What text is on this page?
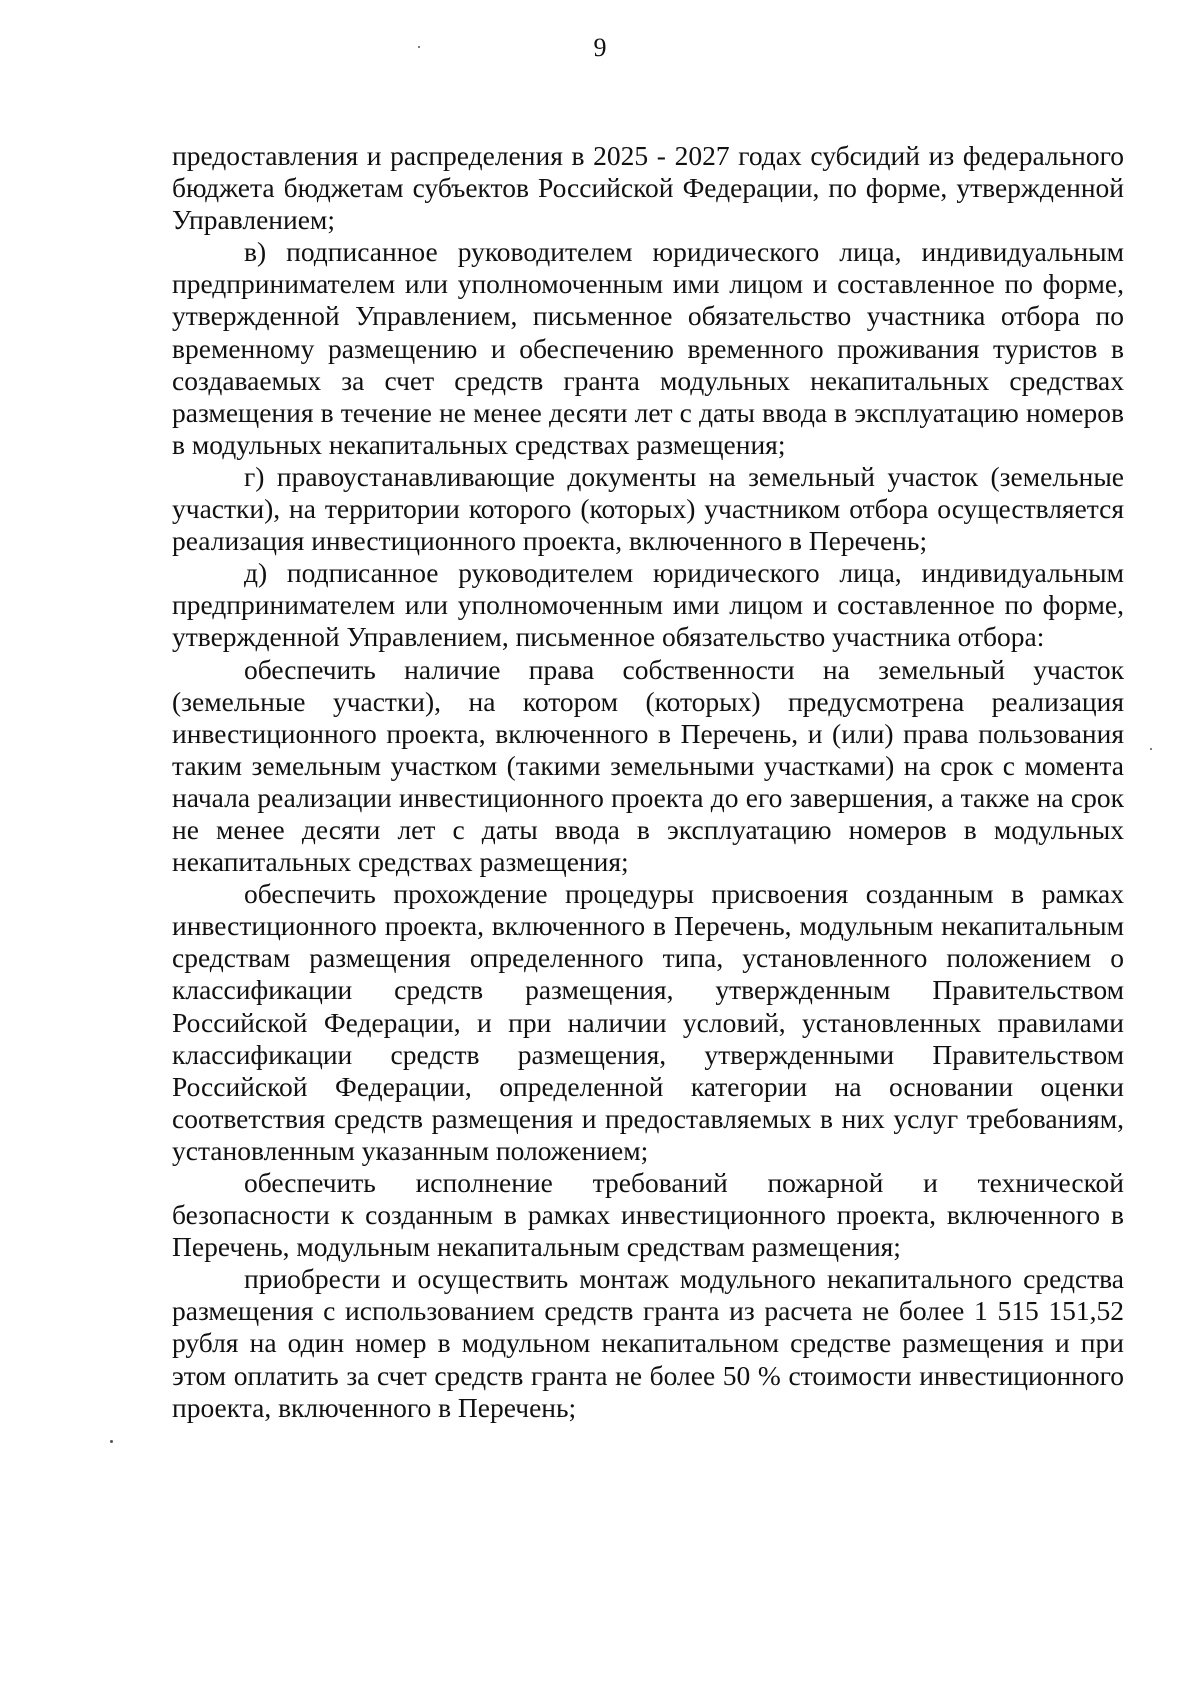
9

предоставления и распределения в 2025 - 2027 годах субсидий из федерального бюджета бюджетам субъектов Российской Федерации, по форме, утвержденной Управлением;

в) подписанное руководителем юридического лица, индивидуальным предпринимателем или уполномоченным ими лицом и составленное по форме, утвержденной Управлением, письменное обязательство участника отбора по временному размещению и обеспечению временного проживания туристов в создаваемых за счет средств гранта модульных некапитальных средствах размещения в течение не менее десяти лет с даты ввода в эксплуатацию номеров в модульных некапитальных средствах размещения;

г) правоустанавливающие документы на земельный участок (земельные участки), на территории которого (которых) участником отбора осуществляется реализация инвестиционного проекта, включенного в Перечень;

д) подписанное руководителем юридического лица, индивидуальным предпринимателем или уполномоченным ими лицом и составленное по форме, утвержденной Управлением, письменное обязательство участника отбора:

обеспечить наличие права собственности на земельный участок (земельные участки), на котором (которых) предусмотрена реализация инвестиционного проекта, включенного в Перечень, и (или) права пользования таким земельным участком (такими земельными участками) на срок с момента начала реализации инвестиционного проекта до его завершения, а также на срок не менее десяти лет с даты ввода в эксплуатацию номеров в модульных некапитальных средствах размещения;

обеспечить прохождение процедуры присвоения созданным в рамках инвестиционного проекта, включенного в Перечень, модульным некапитальным средствам размещения определенного типа, установленного положением о классификации средств размещения, утвержденным Правительством Российской Федерации, и при наличии условий, установленных правилами классификации средств размещения, утвержденными Правительством Российской Федерации, определенной категории на основании оценки соответствия средств размещения и предоставляемых в них услуг требованиям, установленным указанным положением;

обеспечить исполнение требований пожарной и технической безопасности к созданным в рамках инвестиционного проекта, включенного в Перечень, модульным некапитальным средствам размещения;

приобрести и осуществить монтаж модульного некапитального средства размещения с использованием средств гранта из расчета не более 1 515 151,52 рубля на один номер в модульном некапитальном средстве размещения и при этом оплатить за счет средств гранта не более 50 % стоимости инвестиционного проекта, включенного в Перечень;
